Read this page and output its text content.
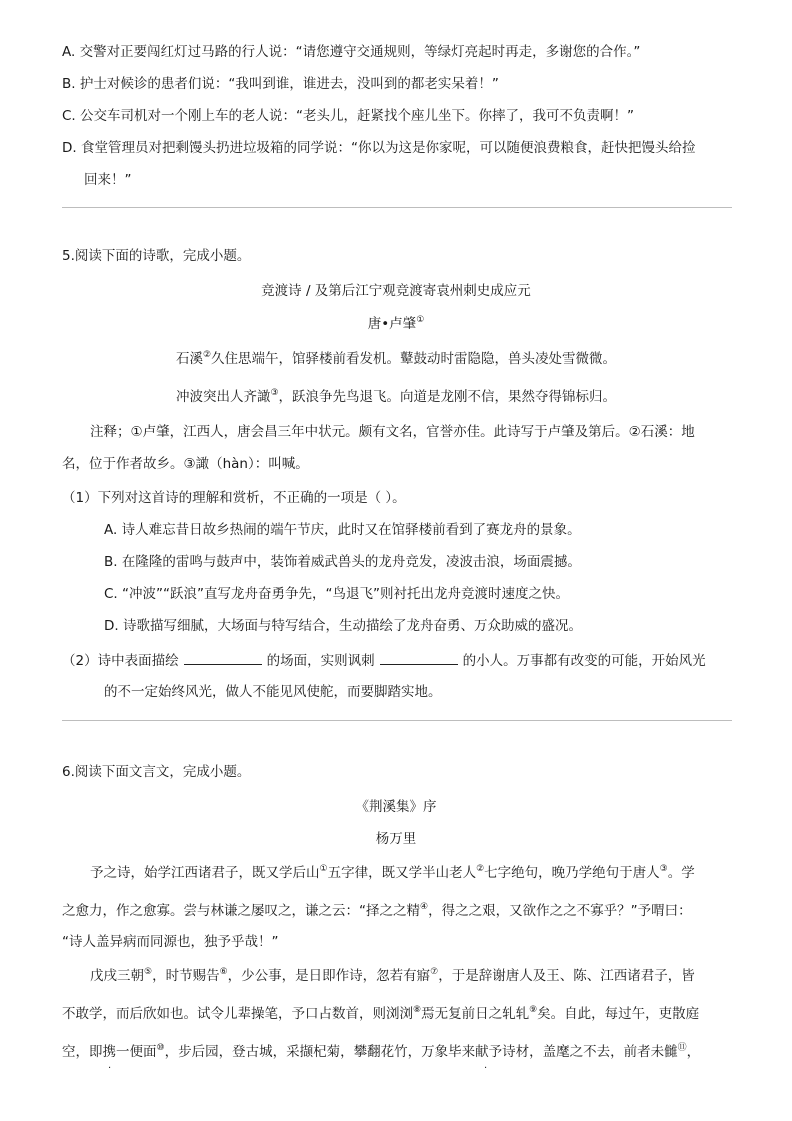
A. 交警对正要闯红灯过马路的行人说：“请您遵守交通规则，等绿灯亮起时再走，多谢您的合作。”
B. 护士对候诊的患者们说：“我叫到谁，谁进去，没叫到的都老实呆着！”
C. 公交车司机对一个刚上车的老人说：“老头儿，赶紧找个座儿坐下。你摔了，我可不负责啊！”
D. 食堂管理员对把剩馒头扔进垃圾箱的同学说：“你以为这是你家呢，可以随便浪费粮食，赶快把馒头给捡
回来！”
5.阅读下面的诗歌，完成小题。
竞渡诗 / 及第后江宁观竞渡寄袁州刺史成应元
唐•卢肇①
石溪②久住思端午，馆驿楼前看发机。鼙鼓动时雷隐隐，兽头凌处雪微微。
冲波突出人齐譀③，跃浪争先鸟退飞。向道是龙刚不信，果然夺得锦标归。
注释；①卢肇，江西人，唐会昌三年中状元。颇有文名，官誉亦佳。此诗写于卢肇及第后。②石溪：地
名，位于作者故乡。③譀（hàn）：叫喊。
（1）下列对这首诗的理解和赏析，不正确的一项是（ ）。
A. 诗人难忘昔日故乡热闹的端午节庆，此时又在馆驿楼前看到了赛龙舟的景象。
B. 在隆隆的雷鸣与鼓声中，装饰着威武兽头的龙舟竞发，凌波击浪，场面震撼。
C. “冲波”“跃浪”直写龙舟奋勇争先，“鸟退飞”则衬托出龙舟竞渡时速度之快。
D. 诗歌描写细腻，大场面与特写结合，生动描绘了龙舟奋勇、万众助威的盛况。
（2）诗中表面描绘	的场面，实则讽刺	的小人。万事都有改变的可能，开始风光
的不一定始终风光，做人不能见风使舵，而要脚踏实地。
6.阅读下面文言文，完成小题。
《荆溪集》序
杨万里
予之诗，始学江西诸君子，既又学后山①五字律，既又学半山老人②七字绝句，晚乃学绝句于唐人③。学
之愈力，作之愈寡。尝与林谦之屡叹之，谦之云：“择之之精④，得之之艰，又欲作之之不寡乎？”予喟曰：
“诗人盖异病而同源也，独予乎哉！”
戊戌三朝⑤，时节赐告⑥，少公事，是日即作诗，忽若有寤⑦，于是辞谢唐人及王、陈、江西诸君子，皆
不敢学，而后欣如也。试令儿辈操笔，予口占数首，则浏浏⑧焉无复前日之轧轧⑨矣。自此，每过午，吏散庭
空，即携一便面⑩，步后园，登古城，采撷杞菊，攀翻花竹，万象毕来献予诗材，盖麾之不去，前者未雠⑪，
·	·
